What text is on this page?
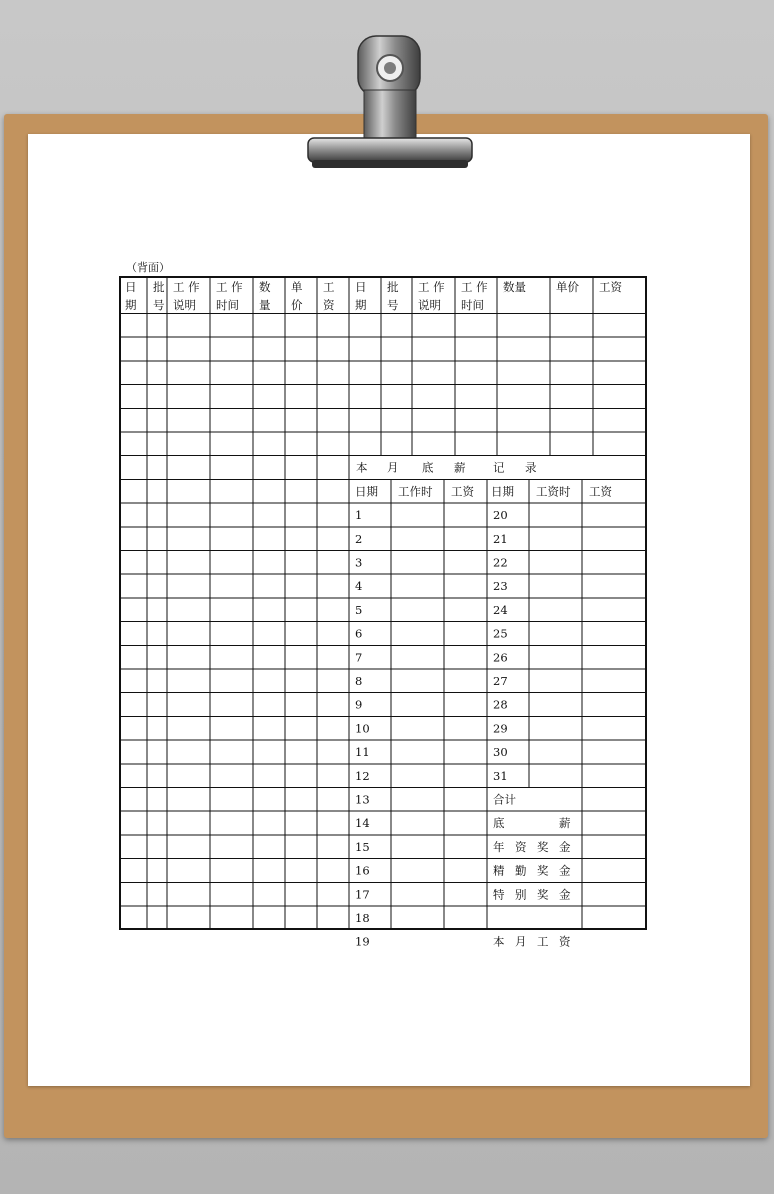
（背面）
日
期
批
号
工 作
说明
工 作
时间
数
量
单
价
工
资
日
期
批
号
工 作
说明
工 作
时间
数量	单价 工资
本 月 底 薪 记 录
日期 工作时 工资 日期 工资时 工资
1
2
3
4
5
6
7
8
9
10
11
12
13
14
15
16
17
18
19
20
21
22
23
24
25
26
27
28
29
30
31
合计
底	薪
年 资 奖 金
精 勤 奖 金
特 别 奖 金
本 月 工 资
